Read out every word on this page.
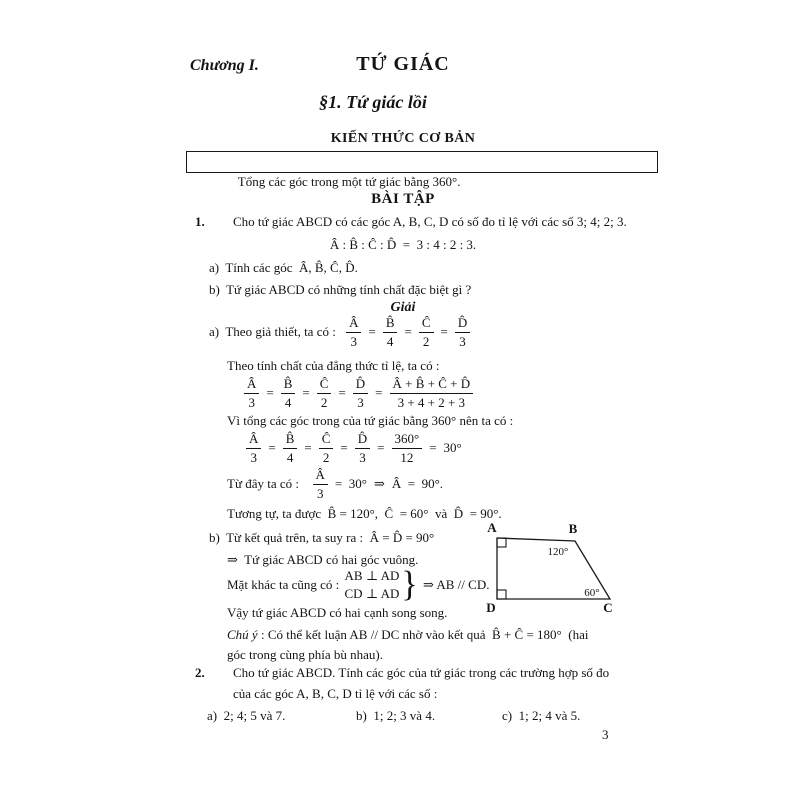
Chương I.	TỨ GIÁC
§1. Tứ giác lồi
KIẾN THỨC CƠ BẢN

Tổng các góc trong một tứ giác bằng 360°.

BÀI TẬP
1. Cho tứ giác ABCD có các góc A, B, C, D có số đo tỉ lệ với các số 3; 4; 2; 3.
Â : B̂ : Ĉ : D̂  =  3 : 4 : 2 : 3.
a)  Tính các góc  Â, B̂, Ĉ, D̂.
b)  Tứ giác ABCD có những tính chất đặc biệt gì ?
Giải
a)  Theo giả thiết, ta có : $\frac{Â}{3} = \frac{B̂}{4} = \frac{Ĉ}{2} = \frac{D̂}{3}$
Theo tính chất của đẳng thức tỉ lệ, ta có :
$\frac{Â}{3} = \frac{B̂}{4} = \frac{Ĉ}{2} = \frac{D̂}{3} = \frac{Â + B̂ + Ĉ + D̂}{3 + 4 + 2 + 3}$
Vì tổng các góc trong của tứ giác bằng 360° nên ta có :
$\frac{Â}{3} = \frac{B̂}{4} = \frac{Ĉ}{2} = \frac{D̂}{3} = \frac{360^\circ}{12} = 30^\circ$
Từ đây ta có : $\frac{Â}{3} = 30^\circ$ ⇒ Â  =  90°.
Tương tự, ta được  B̂ = 120°,  Ĉ  = 60°  và  D̂  = 90°.
b)  Từ kết quả trên, ta suy ra :  Â = D̂ = 90°
⇒  Tứ giác ABCD có hai góc vuông.
Mặt khác ta cũng có :
AB ⊥ AD
CD ⊥ AD } ⇒ AB // CD.
Vậy tứ giác ABCD có hai cạnh song song.
Chú ý : Có thể kết luận AB // DC nhờ vào kết quả  B̂ + Ĉ = 180°  (hai
góc trong cùng phía bù nhau).
A	B
C
D
120°
60°
2. Cho tứ giác ABCD. Tính các góc của tứ giác trong các trường hợp số đo
của các góc A, B, C, D tỉ lệ với các số :
a)  2; 4; 5 và 7.	b)  1; 2; 3 và 4.	c)  1; 2; 4 và 5.
3
